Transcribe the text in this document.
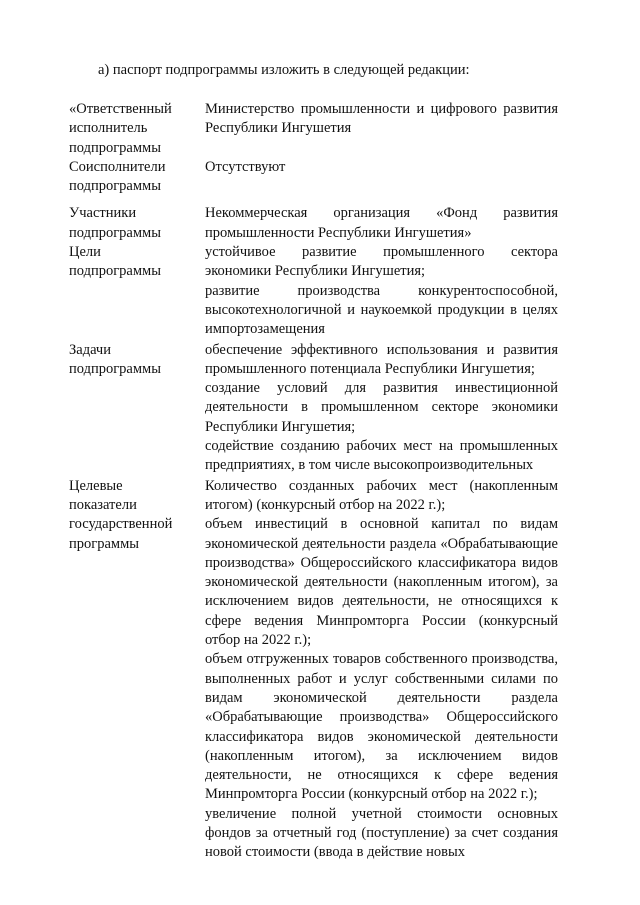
а) паспорт подпрограммы изложить в следующей редакции:

«Ответственный
исполнитель
подпрограммы

Министерство промышленности и цифрового развития Республики Ингушетия

Соисполнители
подпрограммы

Отсутствуют

Участники
подпрограммы

Некоммерческая организация «Фонд развития промышленности Республики Ингушетия»

Цели
подпрограммы

устойчивое развитие промышленного сектора экономики Республики Ингушетия;

развитие производства конкурентоспособной, высокотехнологичной и наукоемкой продукции в целях импортозамещения

Задачи
подпрограммы

обеспечение эффективного использования и развития промышленного потенциала Республики Ингушетия;

создание условий для развития инвестиционной деятельности в промышленном секторе экономики Республики Ингушетия;

содействие созданию рабочих мест на промышленных предприятиях, в том числе высокопроизводительных

Целевые
показатели
государственной
программы

Количество созданных рабочих мест (накопленным итогом) (конкурсный отбор на 2022 г.);

объем инвестиций в основной капитал по видам экономической деятельности раздела «Обрабатывающие производства» Общероссийского классификатора видов экономической деятельности (накопленным итогом), за исключением видов деятельности, не относящихся к сфере ведения Минпромторга России (конкурсный отбор на 2022 г.);

объем отгруженных товаров собственного производства, выполненных работ и услуг собственными силами по видам экономической деятельности раздела «Обрабатывающие производства» Общероссийского классификатора видов экономической деятельности (накопленным итогом), за исключением видов деятельности, не относящихся к сфере ведения Минпромторга России (конкурсный отбор на 2022 г.);

увеличение полной учетной стоимости основных фондов за отчетный год (поступление) за счет создания новой стоимости (ввода в действие новых
